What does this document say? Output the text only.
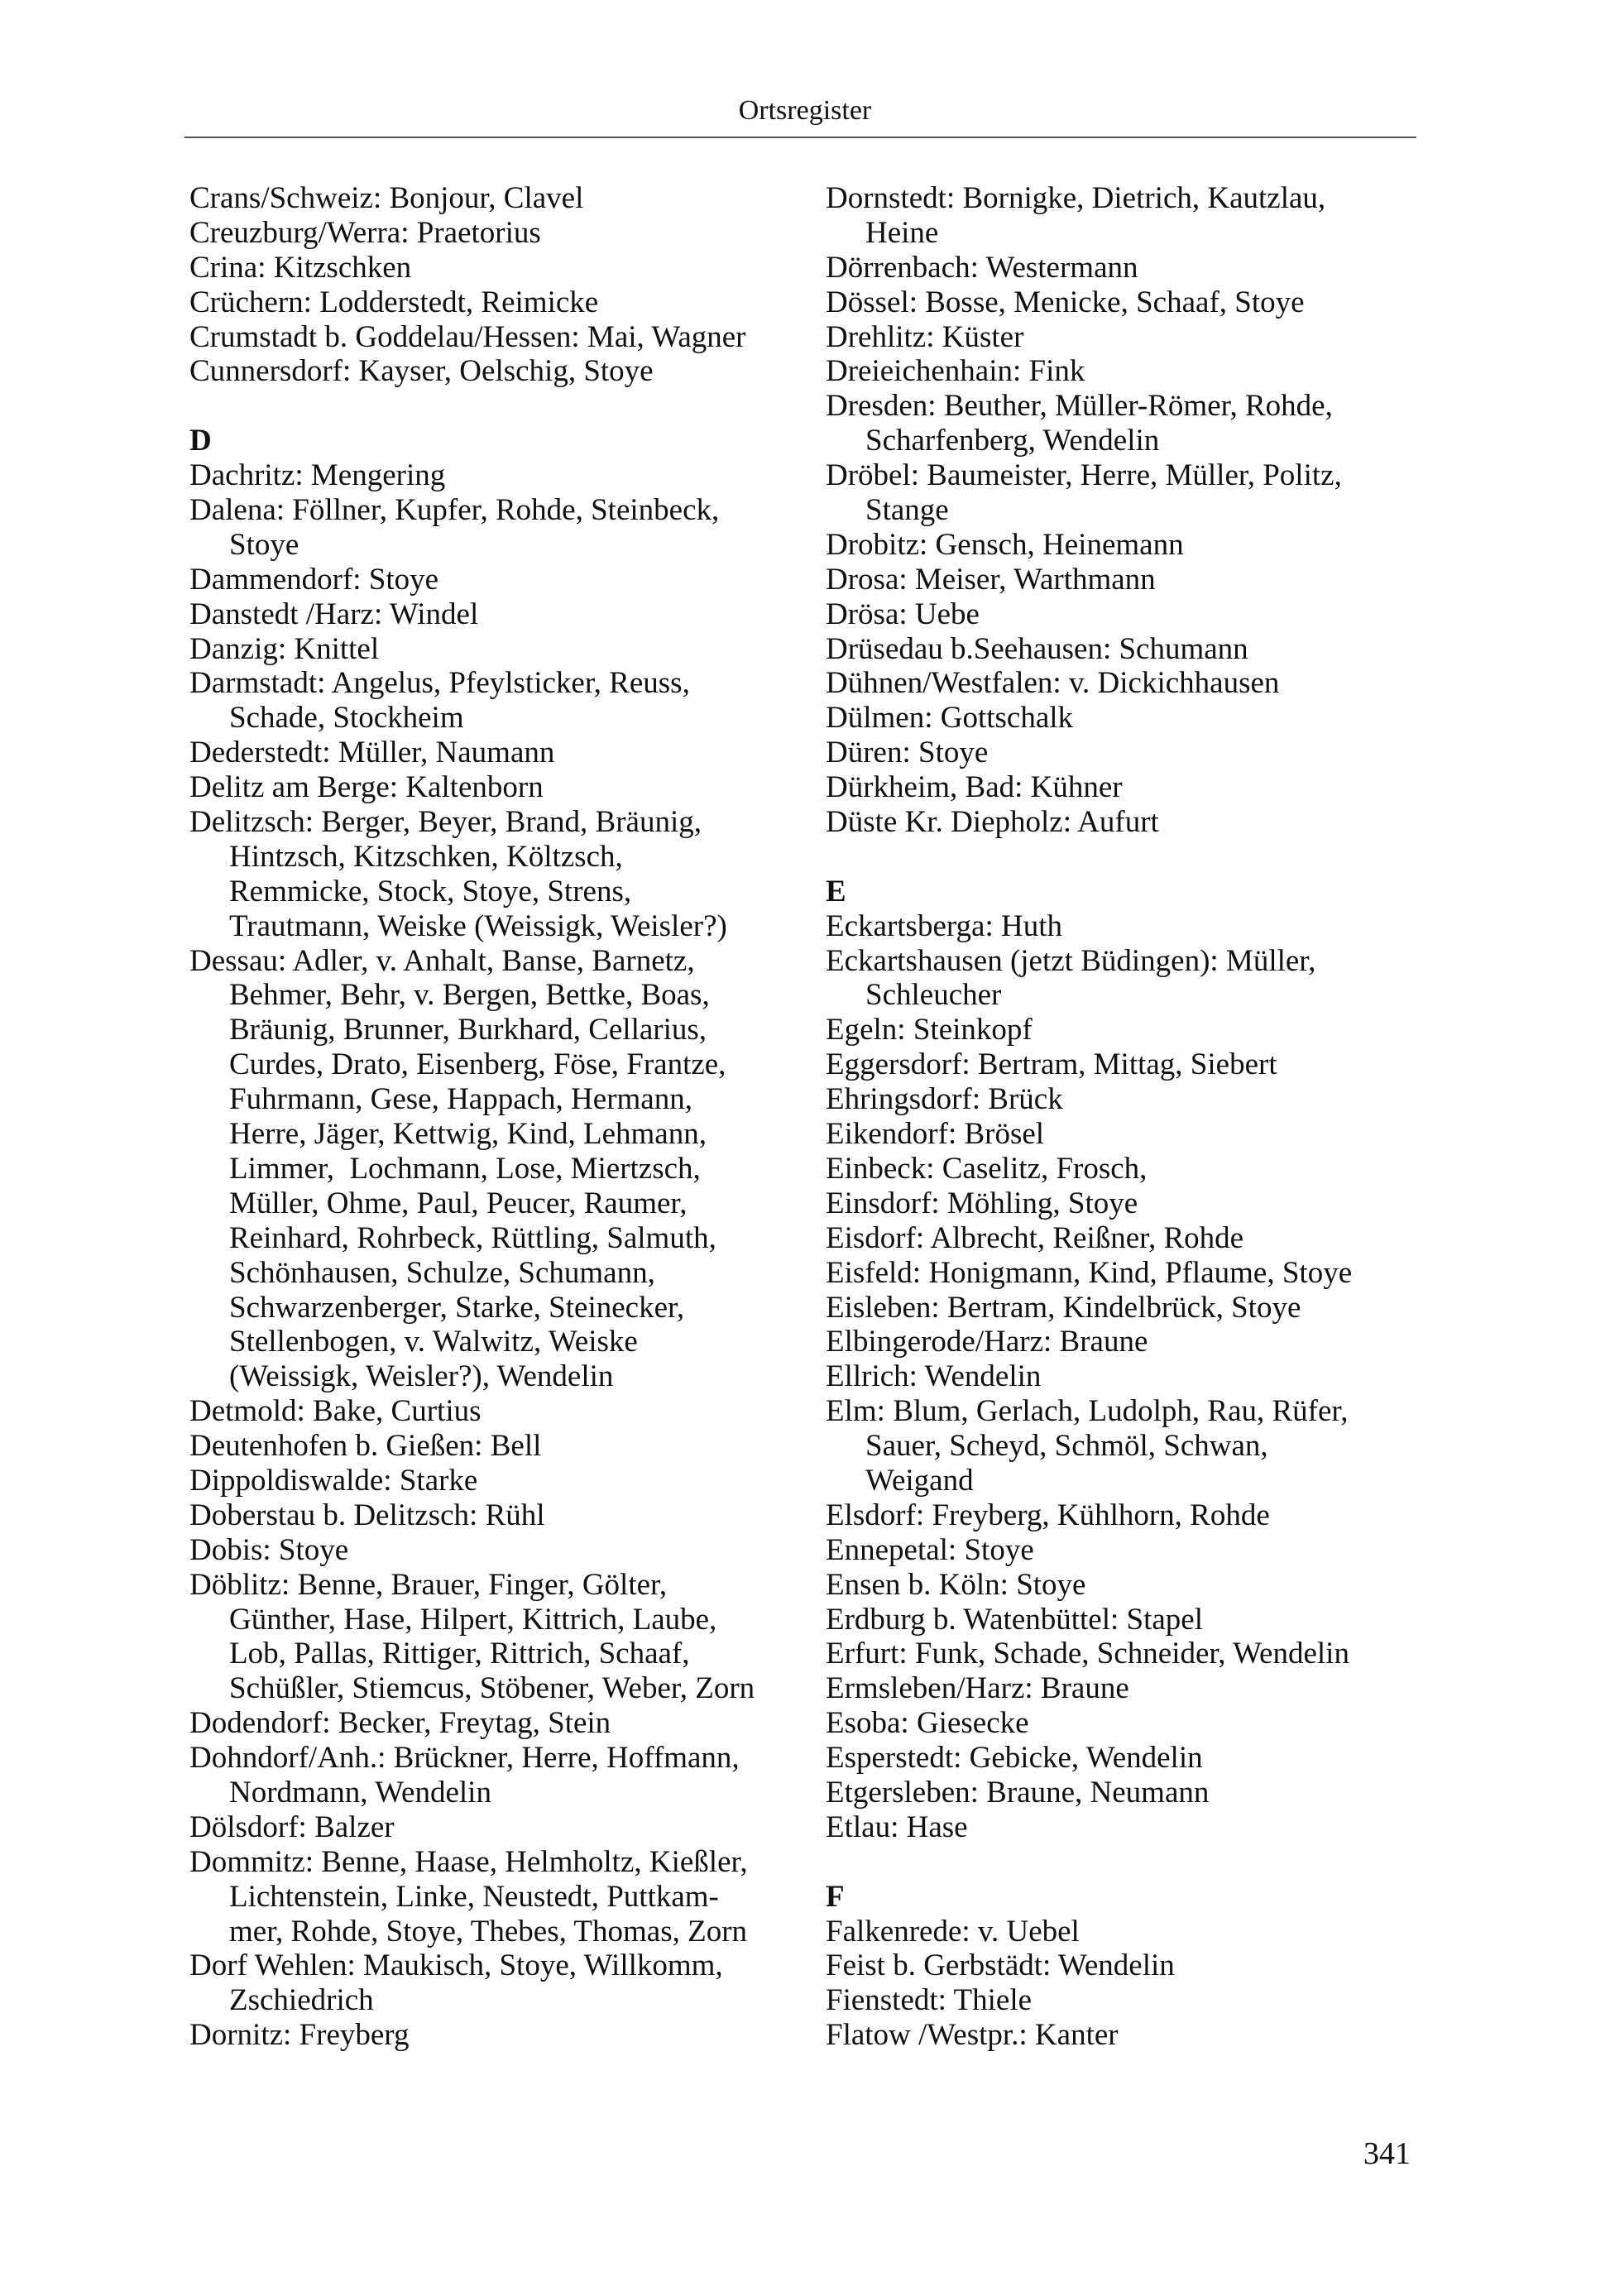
Ortsregister
Crans/Schweiz: Bonjour, Clavel
Creuzburg/Werra: Praetorius
Crina: Kitzschken
Crüchern: Lodderstedt, Reimicke
Crumstadt b. Goddelau/Hessen: Mai, Wagner
Cunnersdorf: Kayser, Oelschig, Stoye
D
Dachritz: Mengering
Dalena: Föllner, Kupfer, Rohde, Steinbeck,
Stoye
Dammendorf: Stoye
Danstedt /Harz: Windel
Danzig: Knittel
Darmstadt: Angelus, Pfeylsticker, Reuss,
Schade, Stockheim
Dederstedt: Müller, Naumann
Delitz am Berge: Kaltenborn
Delitzsch: Berger, Beyer, Brand, Bräunig,
Hintzsch, Kitzschken, Költzsch,
Remmicke, Stock, Stoye, Strens,
Trautmann, Weiske (Weissigk, Weisler?)
Dessau: Adler, v. Anhalt, Banse, Barnetz,
Behmer, Behr, v. Bergen, Bettke, Boas,
Bräunig, Brunner, Burkhard, Cellarius,
Curdes, Drato, Eisenberg, Föse, Frantze,
Fuhrmann, Gese, Happach, Hermann,
Herre, Jäger, Kettwig, Kind, Lehmann,
Limmer,  Lochmann, Lose, Miertzsch,
Müller, Ohme, Paul, Peucer, Raumer,
Reinhard, Rohrbeck, Rüttling, Salmuth,
Schönhausen, Schulze, Schumann,
Schwarzenberger, Starke, Steinecker,
Stellenbogen, v. Walwitz, Weiske
(Weissigk, Weisler?), Wendelin
Detmold: Bake, Curtius
Deutenhofen b. Gießen: Bell
Dippoldiswalde: Starke
Doberstau b. Delitzsch: Rühl
Dobis: Stoye
Döblitz: Benne, Brauer, Finger, Gölter,
Günther, Hase, Hilpert, Kittrich, Laube,
Lob, Pallas, Rittiger, Rittrich, Schaaf,
Schüßler, Stiemcus, Stöbener, Weber, Zorn
Dodendorf: Becker, Freytag, Stein
Dohndorf/Anh.: Brückner, Herre, Hoffmann,
Nordmann, Wendelin
Dölsdorf: Balzer
Dommitz: Benne, Haase, Helmholtz, Kießler,
Lichtenstein, Linke, Neustedt, Puttkam-
mer, Rohde, Stoye, Thebes, Thomas, Zorn
Dorf Wehlen: Maukisch, Stoye, Willkomm,
Zschiedrich
Dornitz: Freyberg
Dornstedt: Bornigke, Dietrich, Kautzlau,
Heine
Dörrenbach: Westermann
Dössel: Bosse, Menicke, Schaaf, Stoye
Drehlitz: Küster
Dreieichenhain: Fink
Dresden: Beuther, Müller-Römer, Rohde,
Scharfenberg, Wendelin
Dröbel: Baumeister, Herre, Müller, Politz,
Stange
Drobitz: Gensch, Heinemann
Drosa: Meiser, Warthmann
Drösa: Uebe
Drüsedau b.Seehausen: Schumann
Dühnen/Westfalen: v. Dickichhausen
Dülmen: Gottschalk
Düren: Stoye
Dürkheim, Bad: Kühner
Düste Kr. Diepholz: Aufurt
E
Eckartsberga: Huth
Eckartshausen (jetzt Büdingen): Müller,
Schleucher
Egeln: Steinkopf
Eggersdorf: Bertram, Mittag, Siebert
Ehringsdorf: Brück
Eikendorf: Brösel
Einbeck: Caselitz, Frosch,
Einsdorf: Möhling, Stoye
Eisdorf: Albrecht, Reißner, Rohde
Eisfeld: Honigmann, Kind, Pflaume, Stoye
Eisleben: Bertram, Kindelbrück, Stoye
Elbingerode/Harz: Braune
Ellrich: Wendelin
Elm: Blum, Gerlach, Ludolph, Rau, Rüfer,
Sauer, Scheyd, Schmöl, Schwan,
Weigand
Elsdorf: Freyberg, Kühlhorn, Rohde
Ennepetal: Stoye
Ensen b. Köln: Stoye
Erdburg b. Watenbüttel: Stapel
Erfurt: Funk, Schade, Schneider, Wendelin
Ermsleben/Harz: Braune
Esoba: Giesecke
Esperstedt: Gebicke, Wendelin
Etgersleben: Braune, Neumann
Etlau: Hase
F
Falkenrede: v. Uebel
Feist b. Gerbstädt: Wendelin
Fienstedt: Thiele
Flatow /Westpr.: Kanter
341
